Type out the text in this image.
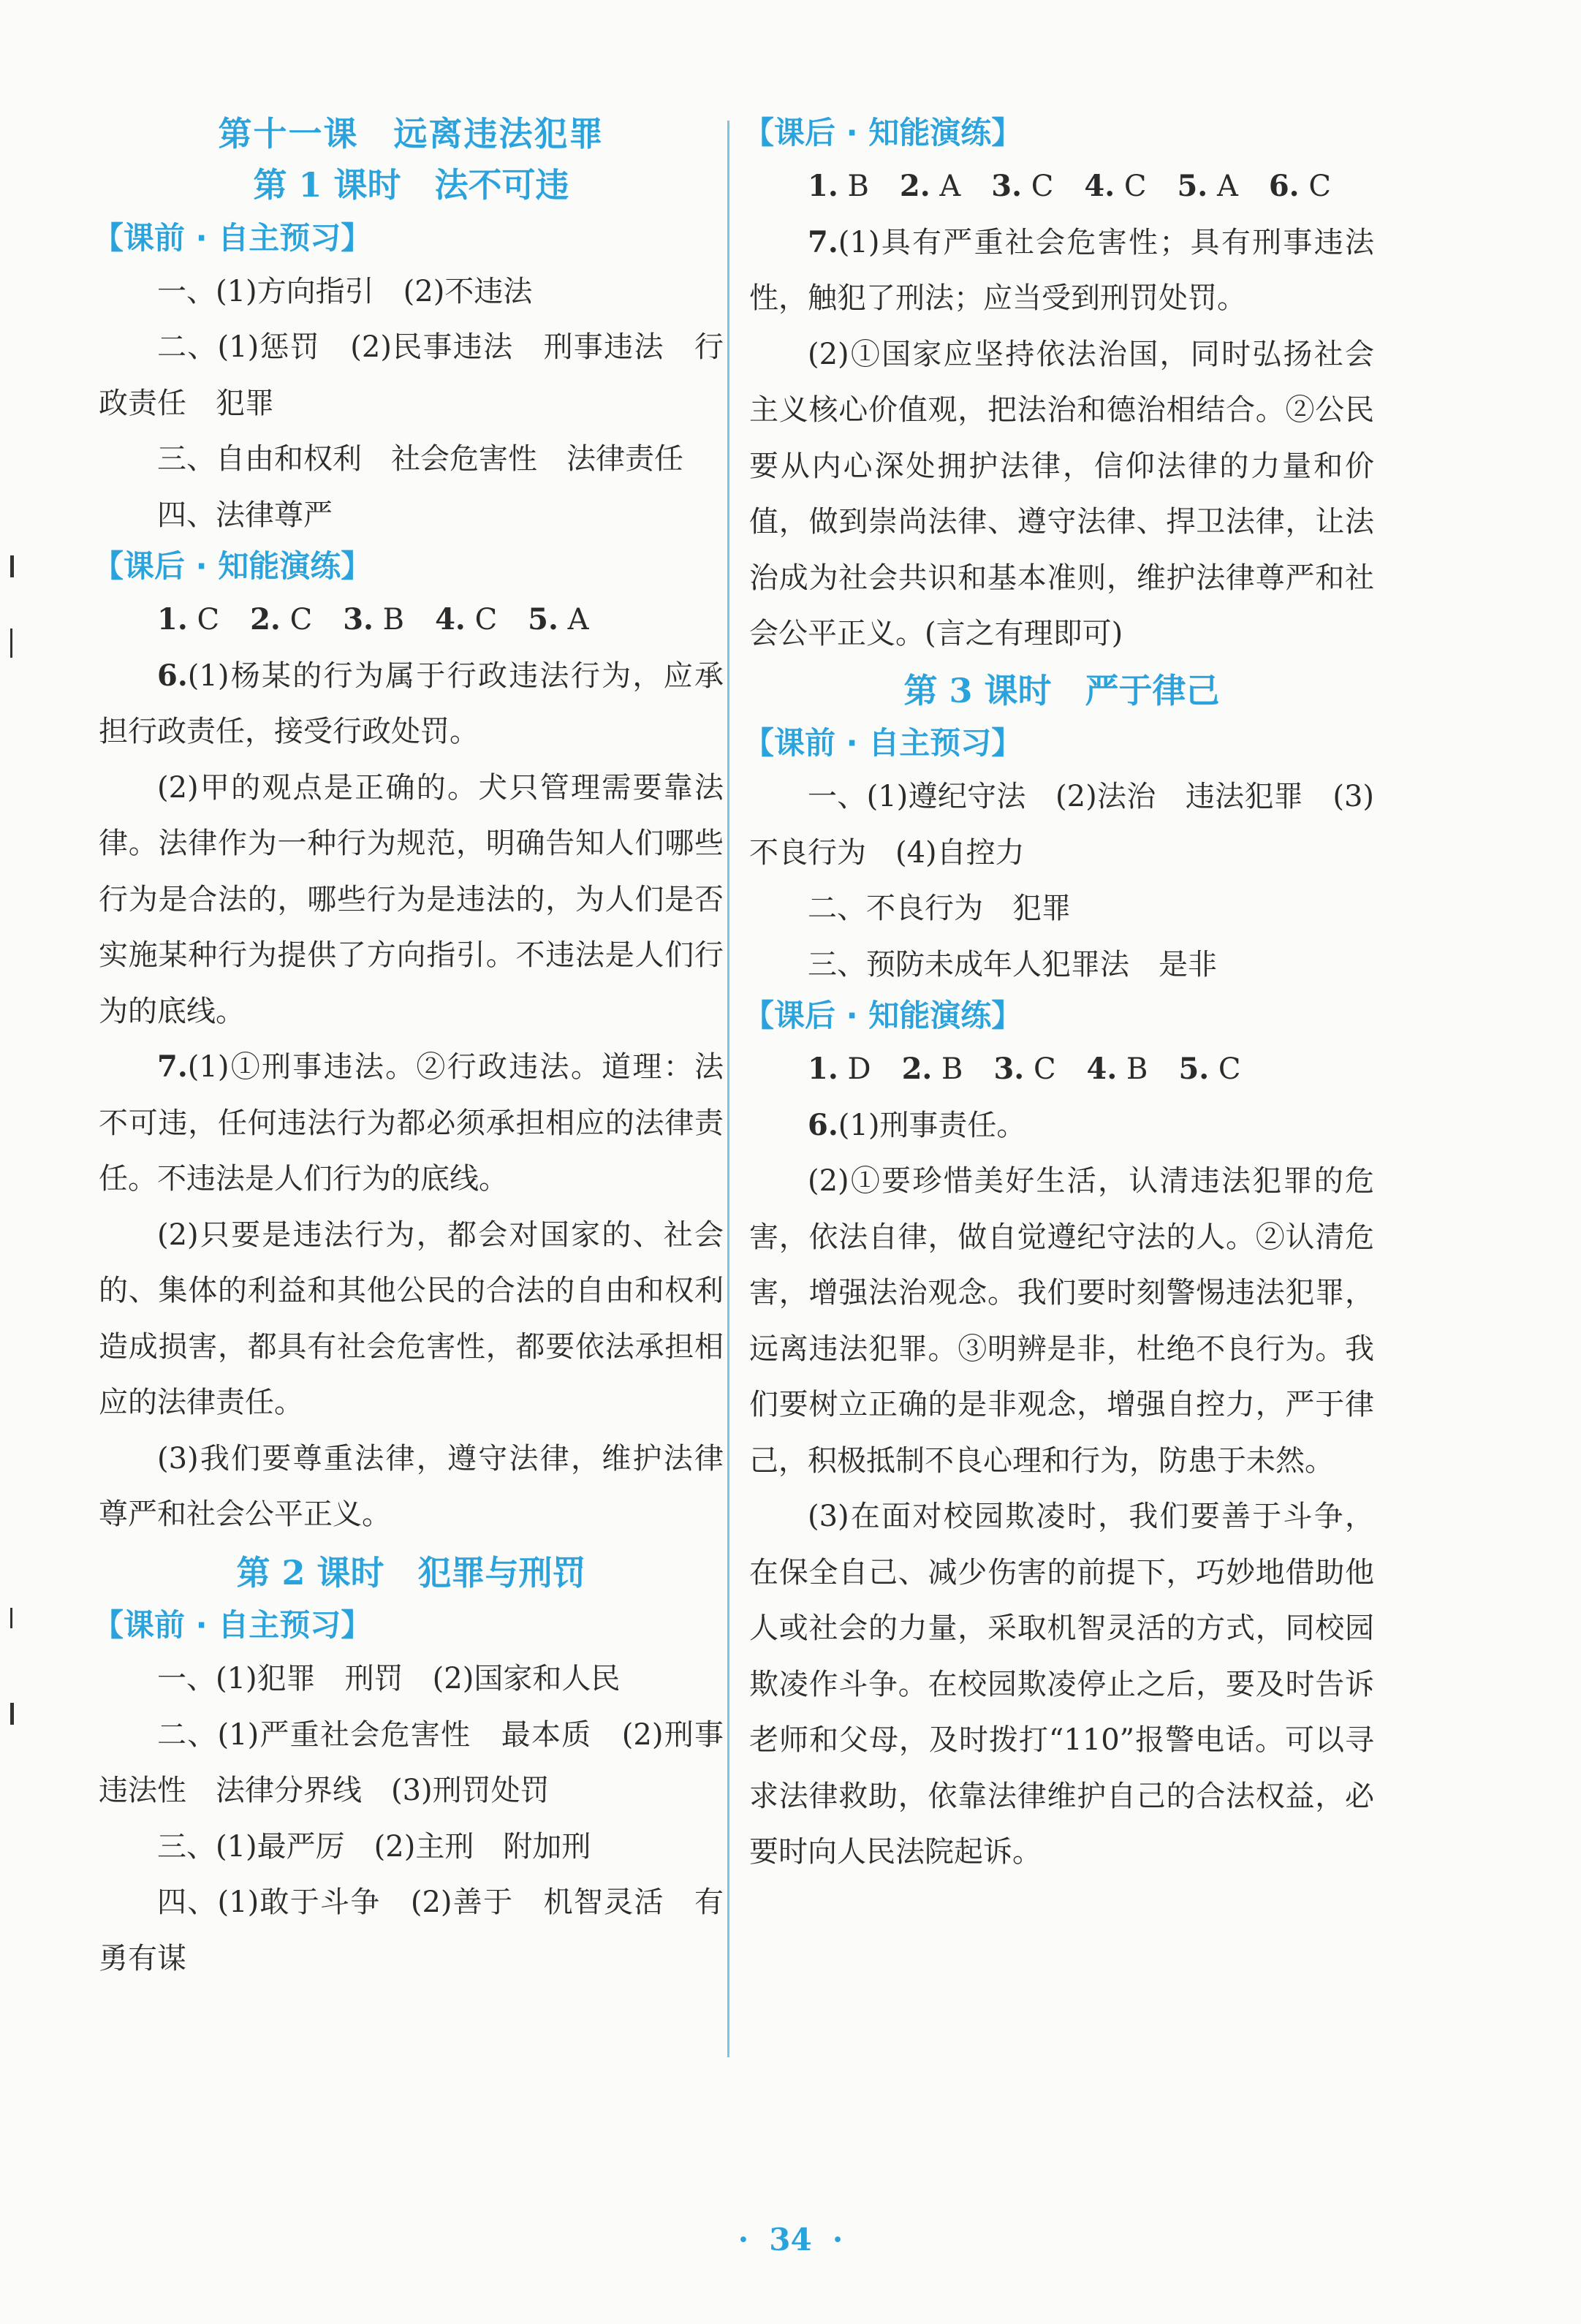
第十一课　远离违法犯罪
第 1 课时　法不可违
【课前 · 自主预习】

一、(1)方向指引　(2)不违法

二、(1)惩罚　(2)民事违法　刑事违法　行政责任　犯罪

三、自由和权利　社会危害性　法律责任

四、法律尊严

【课后 · 知能演练】

1. C 2. C 3. B 4. C 5. A

6.(1)杨某的行为属于行政违法行为，应承担行政责任，接受行政处罚。

(2)甲的观点是正确的。犬只管理需要靠法律。法律作为一种行为规范，明确告知人们哪些行为是合法的，哪些行为是违法的，为人们是否实施某种行为提供了方向指引。不违法是人们行为的底线。

7.(1)①刑事违法。②行政违法。道理：法不可违，任何违法行为都必须承担相应的法律责任。不违法是人们行为的底线。

(2)只要是违法行为，都会对国家的、社会的、集体的利益和其他公民的合法的自由和权利造成损害，都具有社会危害性，都要依法承担相应的法律责任。

(3)我们要尊重法律，遵守法律，维护法律尊严和社会公平正义。

第 2 课时　犯罪与刑罚
【课前 · 自主预习】

一、(1)犯罪　刑罚　(2)国家和人民

二、(1)严重社会危害性　最本质　(2)刑事违法性　法律分界线　(3)刑罚处罚

三、(1)最严厉　(2)主刑　附加刑

四、(1)敢于斗争　(2)善于　机智灵活　有勇有谋

【课后 · 知能演练】

1. B 2. A 3. C 4. C 5. A 6. C

7.(1)具有严重社会危害性；具有刑事违法性，触犯了刑法；应当受到刑罚处罚。

(2)①国家应坚持依法治国，同时弘扬社会主义核心价值观，把法治和德治相结合。②公民要从内心深处拥护法律，信仰法律的力量和价值，做到崇尚法律、遵守法律、捍卫法律，让法治成为社会共识和基本准则，维护法律尊严和社会公平正义。(言之有理即可)

第 3 课时　严于律己
【课前 · 自主预习】

一、(1)遵纪守法　(2)法治　违法犯罪　(3)不良行为　(4)自控力

二、不良行为　犯罪

三、预防未成年人犯罪法　是非

【课后 · 知能演练】

1. D 2. B 3. C 4. B 5. C

6.(1)刑事责任。

(2)①要珍惜美好生活，认清违法犯罪的危害，依法自律，做自觉遵纪守法的人。②认清危害，增强法治观念。我们要时刻警惕违法犯罪，远离违法犯罪。③明辨是非，杜绝不良行为。我们要树立正确的是非观念，增强自控力，严于律己，积极抵制不良心理和行为，防患于未然。

(3)在面对校园欺凌时，我们要善于斗争，在保全自己、减少伤害的前提下，巧妙地借助他人或社会的力量，采取机智灵活的方式，同校园欺凌作斗争。在校园欺凌停止之后，要及时告诉老师和父母，及时拨打“110”报警电话。可以寻求法律救助，依靠法律维护自己的合法权益，必要时向人民法院起诉。

· 34 ·
